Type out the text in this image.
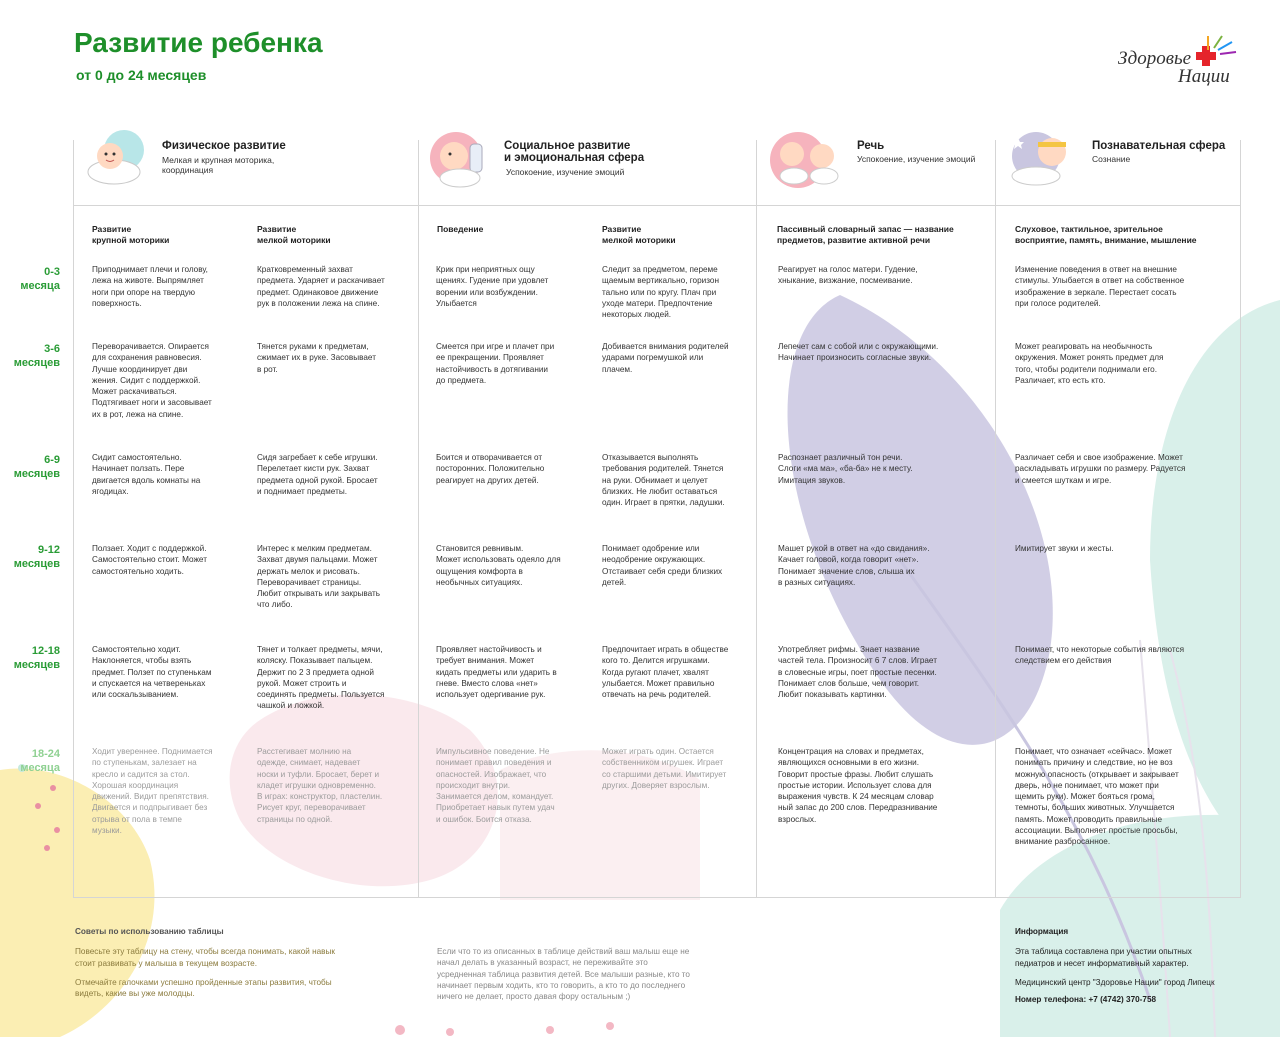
Развитие ребенка
от 0 до 24 месяцев
Здоровье
Нации
Физическое развитие
Мелкая и крупная моторика,
координация
Социальное развитие
и эмоциональная сфера
Успокоение, изучение эмоций
Речь
Успокоение, изучение эмоций
Познавательная сфера
Сознание
Развитие
крупной моторики
Развитие
мелкой моторики
Поведение	Развитие
мелкой моторики
Пассивный словарный запас — название
предметов, развитие активной речи
Слуховое, тактильное, зрительное
восприятие, память, внимание, мышление
0-3
месяца
Приподнимает плечи и голову,
лежа на животе. Выпрямляет
ноги при опоре на твердую
поверхность.
Кратковременный захват
предмета. Ударяет и раскачивает
предмет. Одинаковое движение
рук в положении лежа на спине.
Крик при неприятных ощу
щениях. Гудение при удовлет
ворении или возбуждении.
Улыбается
Следит за предметом, переме
щаемым вертикально, горизон
тально или по кругу. Плач при
уходе матери. Предпочтение
некоторых людей.
Реагирует на голос матери. Гудение,
хныкание, визжание, посмеивание.
Изменение поведения в ответ на внешние
стимулы. Улыбается в ответ на собственное
изображение в зеркале. Перестает сосать
при голосе родителей.
3-6
месяцев
Переворачивается. Опирается
для сохранения равновесия.
Лучше координирует дви
жения. Сидит с поддержкой.
Может раскачиваться.
Подтягивает ноги и засовывает
их в рот, лежа на спине.
Тянется руками к предметам,
сжимает их в руке. Засовывает
в рот.
Смеется при игре и плачет при
ее прекращении. Проявляет
настойчивость в дотягивании
до предмета.
Добивается внимания родителей
ударами погремушкой или
плачем.
Лепечет сам с собой или с окружающими.
Начинает произносить согласные звуки.
Может реагировать на необычность
окружения. Может ронять предмет для
того, чтобы родители поднимали его.
Различает, кто есть кто.
6-9
месяцев
Сидит самостоятельно.
Начинает ползать. Пере
двигается вдоль комнаты на
ягодицах.
Сидя загребает к себе игрушки.
Перелетает кисти рук. Захват
предмета одной рукой. Бросает
и поднимает предметы.
Боится и отворачивается от
посторонних. Положительно
реагирует на других детей.
Отказывается выполнять
требования родителей. Тянется
на руки. Обнимает и целует
близких. Не любит оставаться
один. Играет в прятки, ладушки.
Распознает различный тон речи.
Слоги «ма ма», «ба-ба» не к месту.
Имитация звуков.
Различает себя и свое изображение. Может
раскладывать игрушки по размеру. Радуется
и смеется шуткам и игре.
9-12
месяцев
Ползает. Ходит с поддержкой.
Самостоятельно стоит. Может
самостоятельно ходить.
Интерес к мелким предметам.
Захват двумя пальцами. Может
держать мелок и рисовать.
Переворачивает страницы.
Любит открывать или закрывать
что либо.
Становится ревнивым.
Может использовать одеяло для
ощущения комфорта в
необычных ситуациях.
Понимает одобрение или
неодобрение окружающих.
Отстаивает себя среди близких
детей.
Машет рукой в ответ на «до свидания».
Качает головой, когда говорит «нет».
Понимает значение слов, слыша их
в разных ситуациях.
Имитирует звуки и жесты.
12-18
месяцев
Самостоятельно ходит.
Наклоняется, чтобы взять
предмет. Ползет по ступенькам
и спускается на четвереньках
или соскальзыванием.
Тянет и толкает предметы, мячи,
коляску. Показывает пальцем.
Держит по 2 3 предмета одной
рукой. Может строить и
соединять предметы. Пользуется
чашкой и ложкой.
Проявляет настойчивость и
требует внимания. Может
кидать предметы или ударить в
гневе. Вместо слова «нет»
использует одергивание рук.
Предпочитает играть в обществе
кого то. Делится игрушками.
Когда ругают плачет, хвалят
улыбается. Может правильно
отвечать на речь родителей.
Употребляет рифмы. Знает название
частей тела. Произносит 6 7 слов. Играет
в словесные игры, поет простые песенки.
Понимает слов больше, чем говорит.
Любит показывать картинки.
Понимает, что некоторые события являются
следствием его действия
18-24
месяца
Ходит увереннее. Поднимается
по ступенькам, залезает на
кресло и садится за стол.
Хорошая координация
движений. Видит препятствия.
Двигается и подпрыгивает без
отрыва от пола в темпе
музыки.
Расстегивает молнию на
одежде, снимает, надевает
носки и туфли. Бросает, берет и
кладет игрушки одновременно.
В играх: конструктор, пластелин.
Рисует круг, переворачивает
страницы по одной.
Импульсивное поведение. Не
понимает правил поведения и
опасностей. Изображает, что
происходит внутри.
Занимается делом, командует.
Приобретает навык путем удач
и ошибок. Боится отказа.
Может играть один. Остается
собственником игрушек. Играет
со старшими детьми. Имитирует
других. Доверяет взрослым.
Концентрация на словах и предметах,
являющихся основными в его жизни.
Говорит простые фразы. Любит слушать
простые истории. Использует слова для
выражения чувств. К 24 месяцам словар
ный запас до 200 слов. Передразнивание
взрослых.
Понимает, что означает «сейчас». Может
понимать причину и следствие, но не воз
можную опасность (открывает и закрывает
дверь, но не понимает, что может при
щемить руки). Может бояться грома,
темноты, больших животных. Улучшается
память. Может проводить правильные
ассоциации. Выполняет простые просьбы,
внимание разбросанное.
Советы по использованию таблицы
Повесьте эту таблицу на стену, чтобы всегда понимать, какой навык
стоит развивать у малыша в текущем возрасте.
Отмечайте галочками успешно пройденные этапы развития, чтобы
видеть, какие вы уже молодцы.
Если что то из описанных в таблице действий ваш малыш еще не
начал делать в указанный возраст, не переживайте это
усредненная таблица развития детей. Все малыши разные, кто то
начинает первым ходить, кто то говорить, а кто то до последнего
ничего не делает, просто давая фору остальным ;)
Информация
Эта таблица составлена при участии опытных
педиатров и несет информативный характер.
Медицинский центр "Здоровье Нации" город Липецк
Номер телефона: +7 (4742) 370-758
